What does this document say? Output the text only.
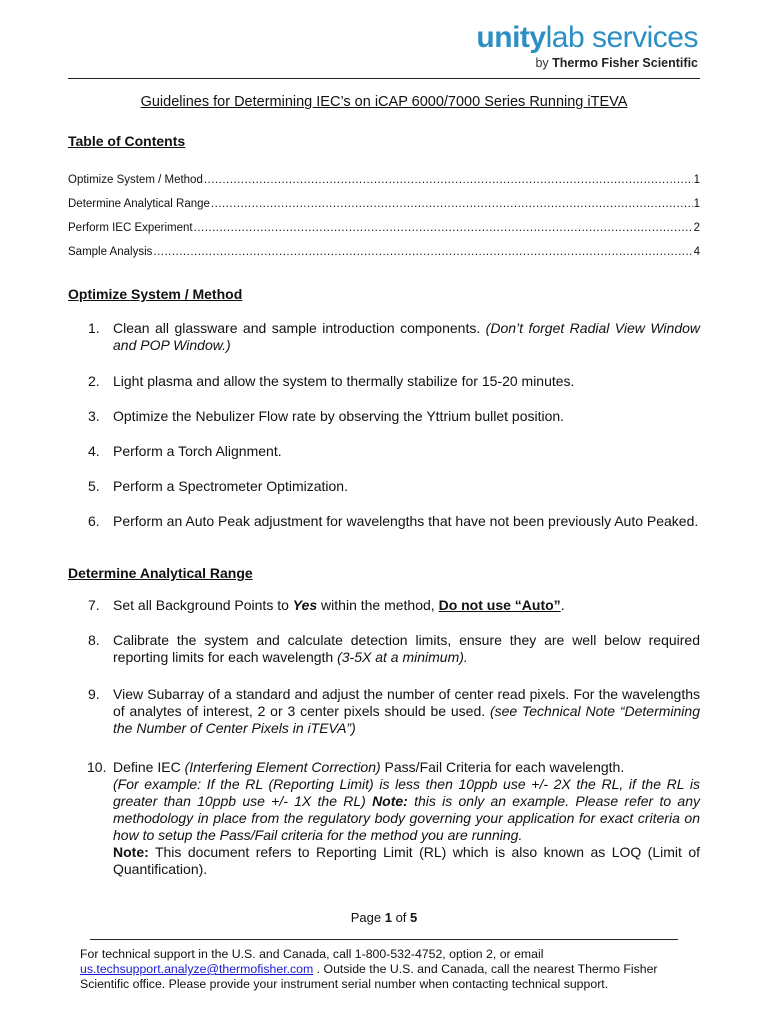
unitylab services
by Thermo Fisher Scientific
Guidelines for Determining IEC’s on iCAP 6000/7000 Series Running iTEVA
Table of Contents
Optimize System / Method .....	1
Determine Analytical Range .....	1
Perform IEC Experiment .....	2
Sample Analysis .....	4
Optimize System / Method
1. Clean all glassware and sample introduction components. (Don’t forget Radial View Window and POP Window.)
2. Light plasma and allow the system to thermally stabilize for 15-20 minutes.
3. Optimize the Nebulizer Flow rate by observing the Yttrium bullet position.
4. Perform a Torch Alignment.
5. Perform a Spectrometer Optimization.
6. Perform an Auto Peak adjustment for wavelengths that have not been previously Auto Peaked.
Determine Analytical Range
7. Set all Background Points to Yes within the method, Do not use “Auto”.
8. Calibrate the system and calculate detection limits, ensure they are well below required reporting limits for each wavelength (3-5X at a minimum).
9. View Subarray of a standard and adjust the number of center read pixels. For the wavelengths of analytes of interest, 2 or 3 center pixels should be used. (see Technical Note “Determining the Number of Center Pixels in iTEVA”)
10. Define IEC (Interfering Element Correction) Pass/Fail Criteria for each wavelength.

(For example: If the RL (Reporting Limit) is less then 10ppb use +/- 2X the RL, if the RL is greater than 10ppb use +/- 1X the RL) Note: this is only an example. Please refer to any methodology in place from the regulatory body governing your application for exact criteria on how to setup the Pass/Fail criteria for the method you are running.

Note: This document refers to Reporting Limit (RL) which is also known as LOQ (Limit of Quantification).

Page 1 of 5
For technical support in the U.S. and Canada, call 1-800-532-4752, option 2, or email
us.techsupport.analyze@thermofisher.com . Outside the U.S. and Canada, call the nearest Thermo Fisher Scientific office. Please provide your instrument serial number when contacting technical support.
